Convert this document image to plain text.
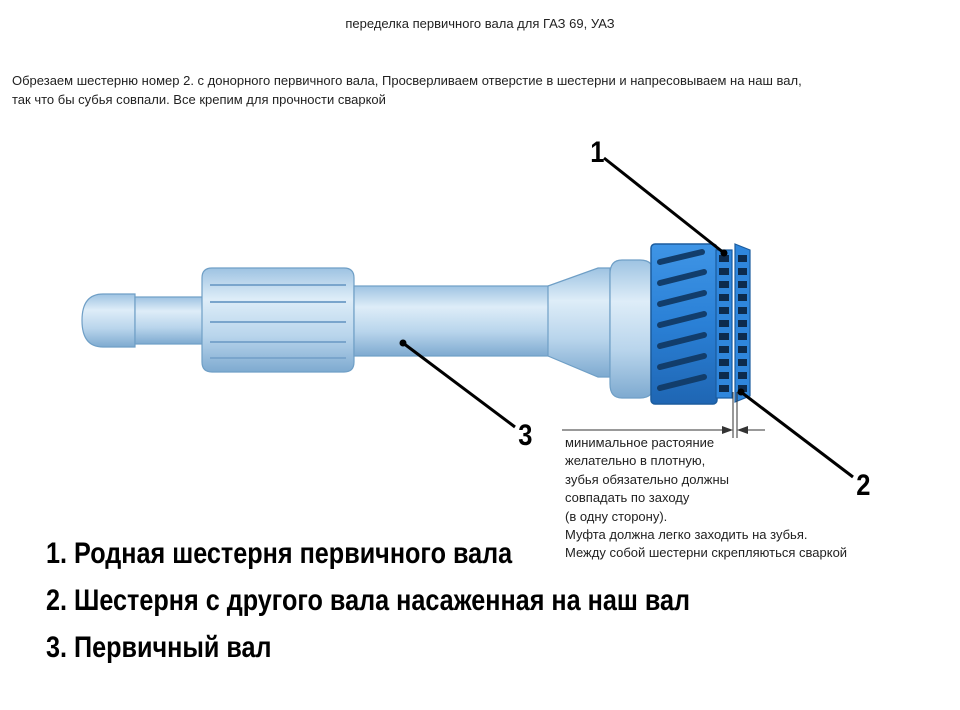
переделка первичного вала для ГАЗ 69, УАЗ
Обрезаем шестерню номер 2. с донорного первичного вала, Просверливаем отверстие в шестерни и напресовываем на наш вал,
так что бы субья совпали. Все крепим для прочности сваркой
1
2
3	минимальное растояние
желательно в плотную,
зубья обязательно должны
совпадать по заходу
(в одну сторону).
Муфта должна легко заходить на зубья.
Между собой шестерни скрепляються сваркой
1. Родная шестерня первичного вала
2. Шестерня с другого вала насаженная на наш вал
3. Первичный вал
